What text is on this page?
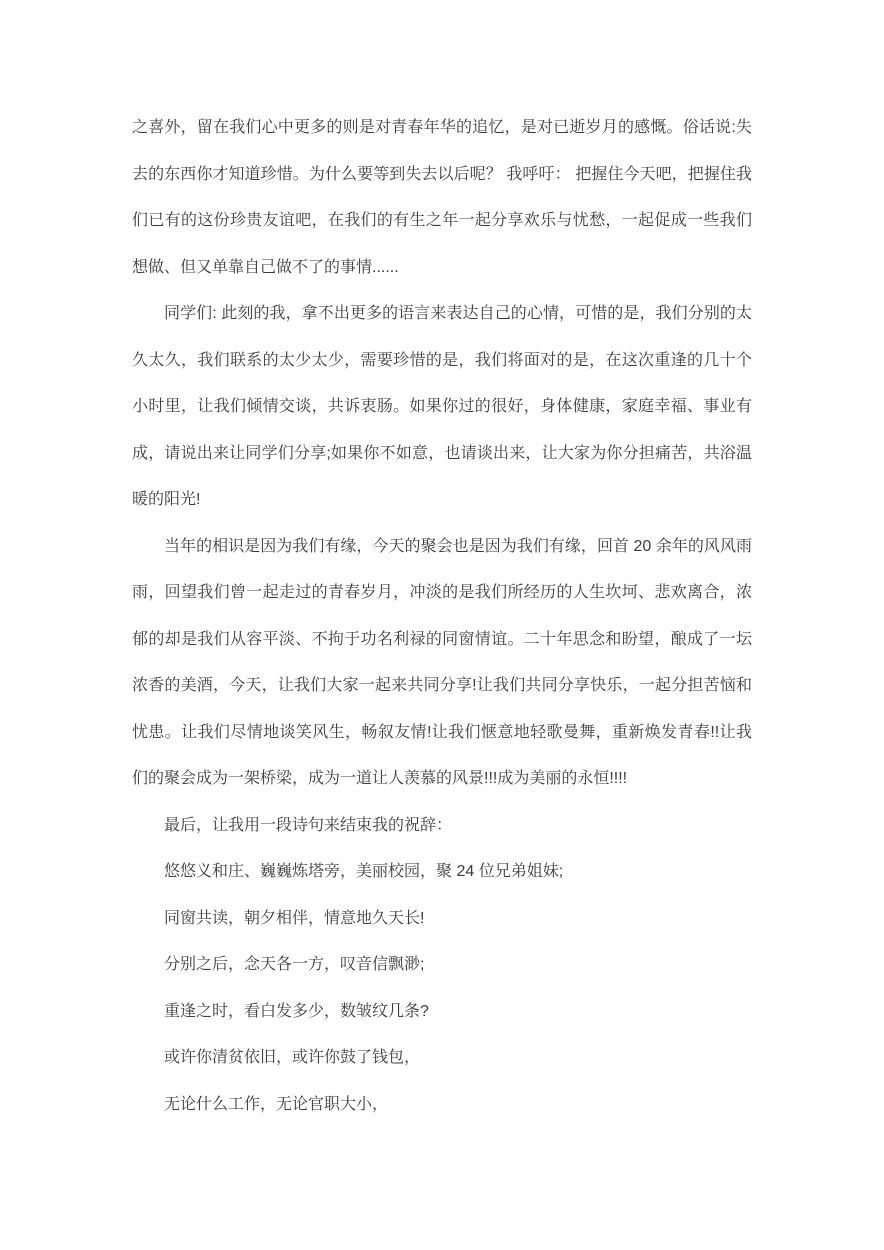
之喜外，留在我们心中更多的则是对青春年华的追忆，是对已逝岁月的感慨。俗话说:失去的东西你才知道珍惜。为什么要等到失去以后呢？ 我呼吁： 把握住今天吧，把握住我们已有的这份珍贵友谊吧，在我们的有生之年一起分享欢乐与忧愁，一起促成一些我们想做、但又单靠自己做不了的事情......

同学们: 此刻的我，拿不出更多的语言来表达自己的心情，可惜的是，我们分别的太久太久，我们联系的太少太少，需要珍惜的是，我们将面对的是，在这次重逢的几十个小时里，让我们倾情交谈，共诉衷肠。如果你过的很好，身体健康，家庭幸福、事业有成，请说出来让同学们分享;如果你不如意，也请谈出来，让大家为你分担痛苦，共浴温暖的阳光!

当年的相识是因为我们有缘，今天的聚会也是因为我们有缘，回首 20 余年的风风雨雨，回望我们曾一起走过的青春岁月，冲淡的是我们所经历的人生坎坷、悲欢离合，浓郁的却是我们从容平淡、不拘于功名利禄的同窗情谊。二十年思念和盼望，酿成了一坛浓香的美酒，今天，让我们大家一起来共同分享!让我们共同分享快乐，一起分担苦恼和忧患。让我们尽情地谈笑风生，畅叙友情!让我们惬意地轻歌曼舞，重新焕发青春!!让我们的聚会成为一架桥梁，成为一道让人羡慕的风景!!!成为美丽的永恒!!!!

最后，让我用一段诗句来结束我的祝辞：

悠悠义和庄、巍巍炼塔旁，美丽校园，聚 24 位兄弟姐妹;

同窗共读，朝夕相伴，情意地久天长!

分别之后，念天各一方，叹音信飘渺;

重逢之时，看白发多少，数皱纹几条?

或许你清贫依旧，或许你鼓了钱包，

无论什么工作，无论官职大小，
